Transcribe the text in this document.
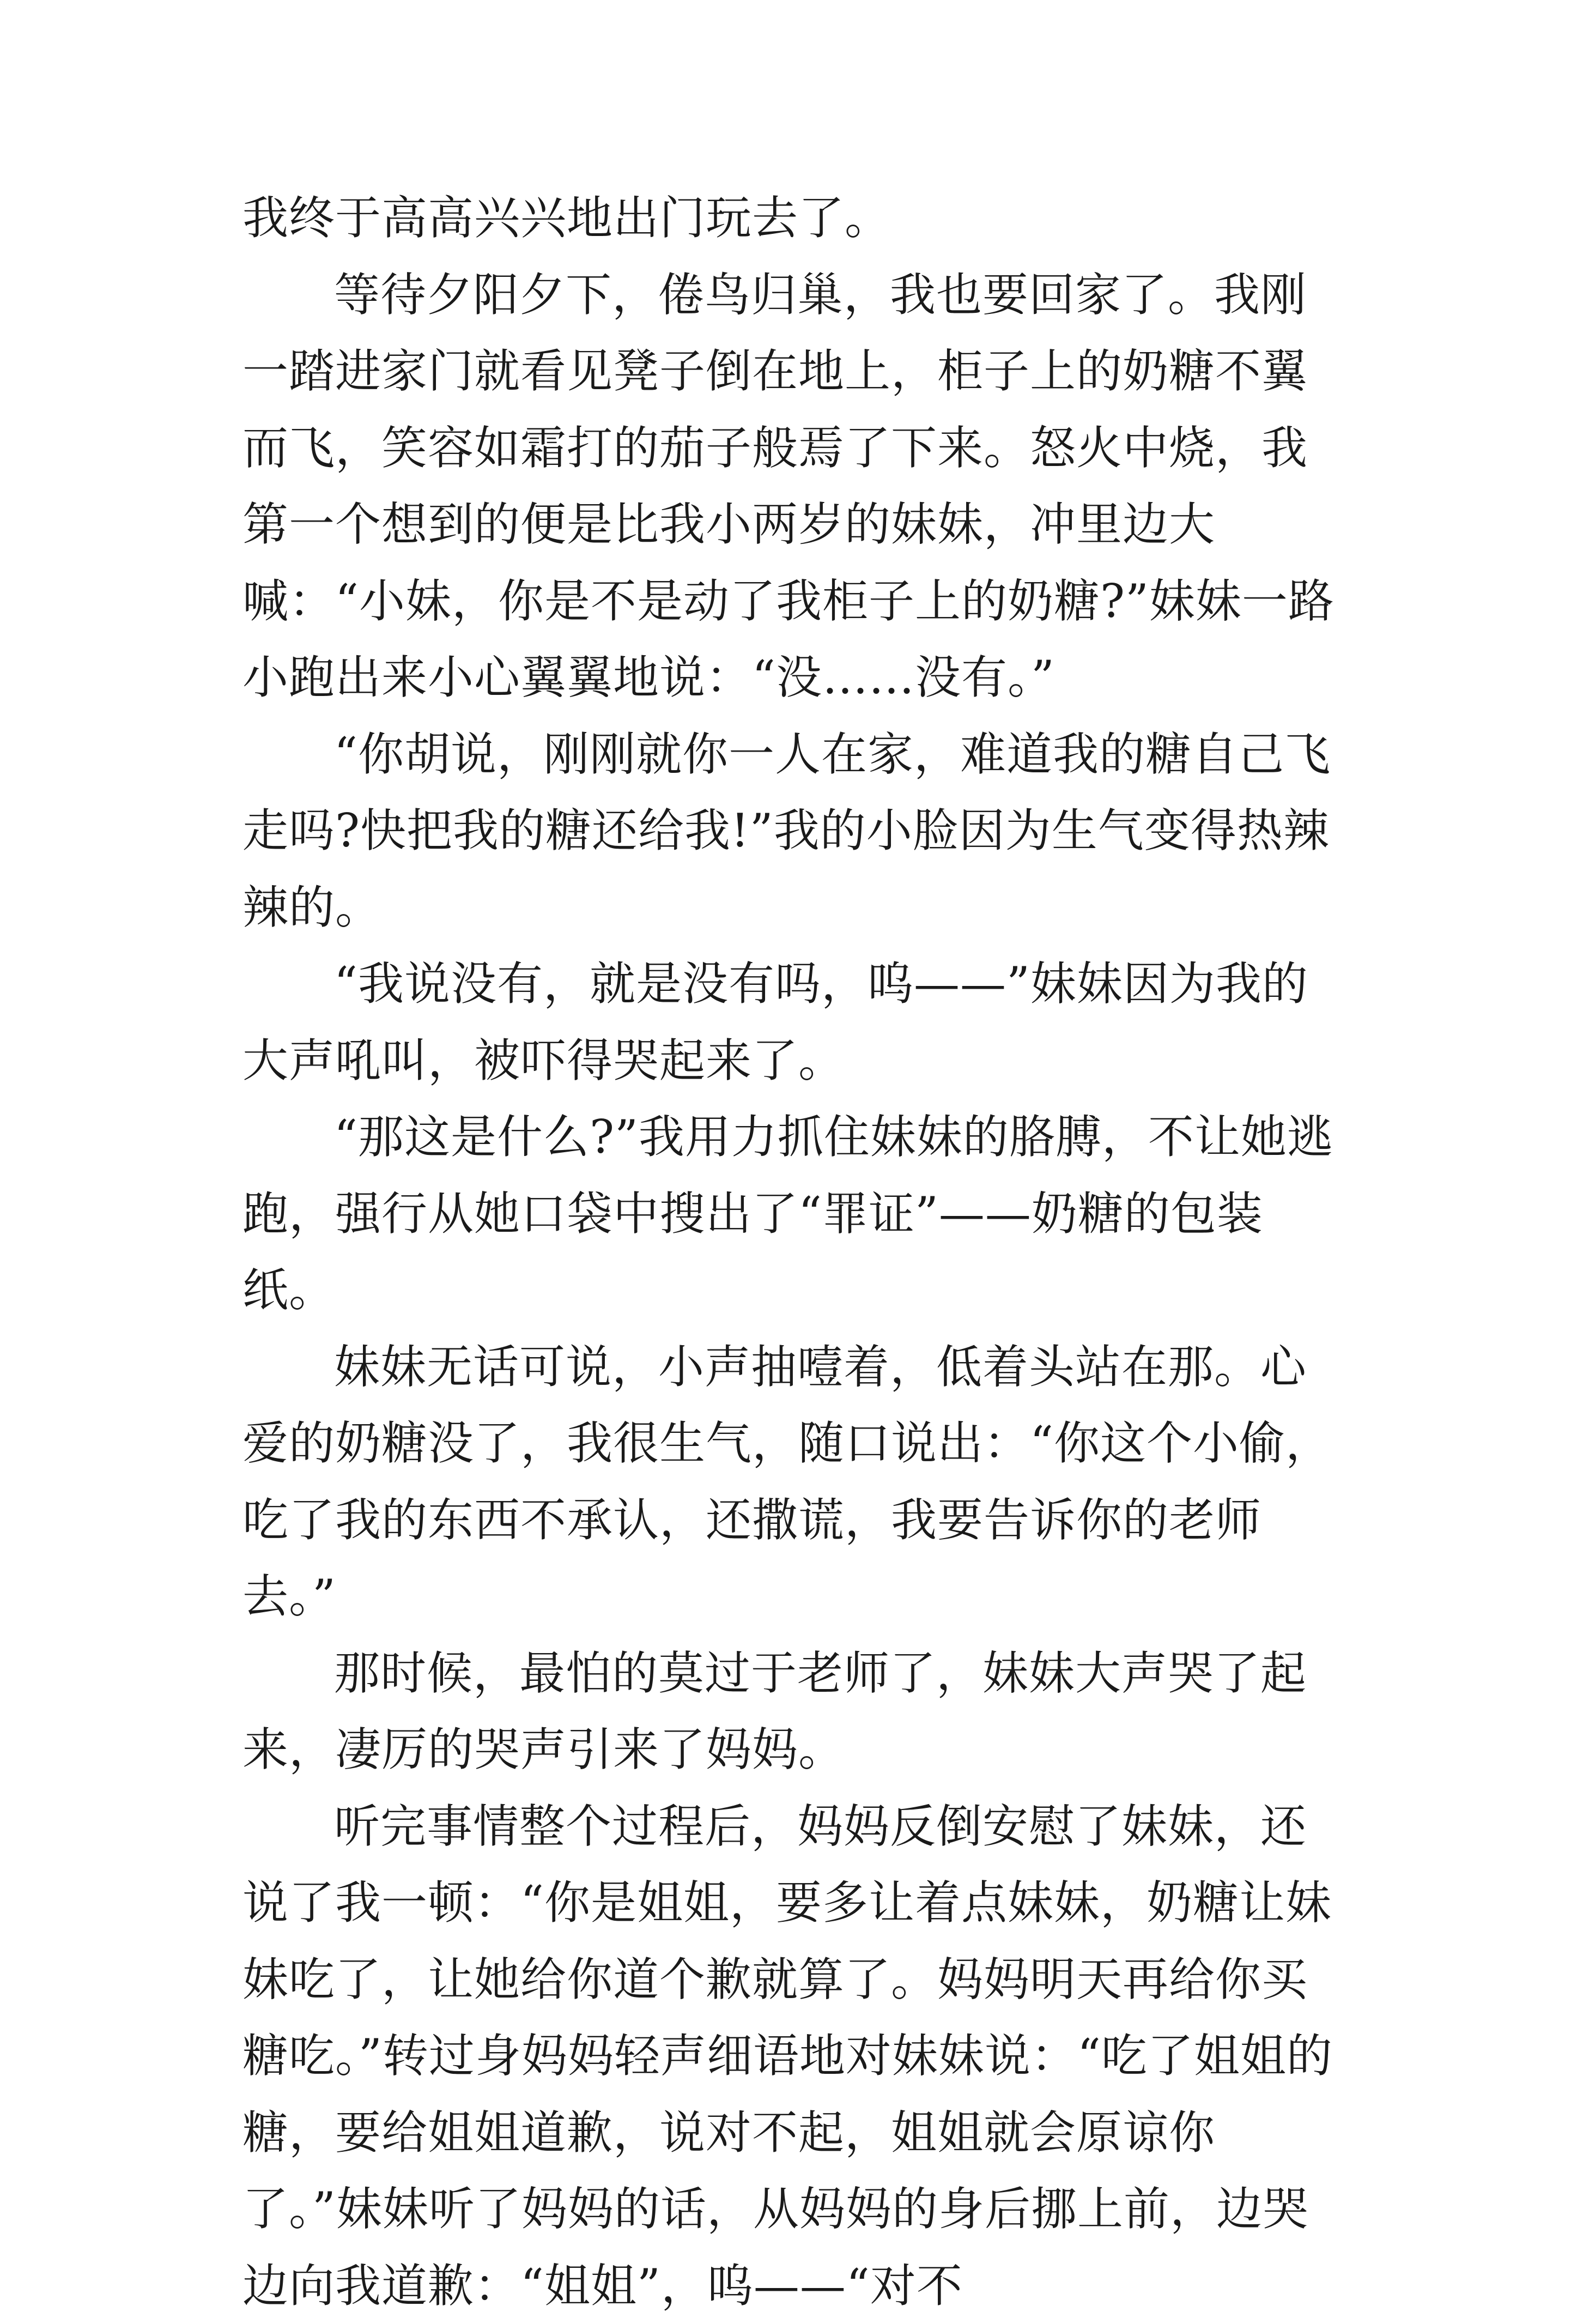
我终于高高兴兴地出门玩去了。

等待夕阳夕下，倦鸟归巢，我也要回家了。我刚一踏进家门就看见凳子倒在地上，柜子上的奶糖不翼而飞，笑容如霜打的茄子般焉了下来。怒火中烧，我第一个想到的便是比我小两岁的妹妹，冲里边大喊：“小妹，你是不是动了我柜子上的奶糖?”妹妹一路小跑出来小心翼翼地说：“没……没有。”

“你胡说，刚刚就你一人在家，难道我的糖自己飞走吗?快把我的糖还给我!”我的小脸因为生气变得热辣辣的。

“我说没有，就是没有吗，呜——”妹妹因为我的大声吼叫，被吓得哭起来了。

“那这是什么?”我用力抓住妹妹的胳膊，不让她逃跑，强行从她口袋中搜出了“罪证”——奶糖的包装纸。

妹妹无话可说，小声抽噎着，低着头站在那。心爱的奶糖没了，我很生气，随口说出：“你这个小偷，吃了我的东西不承认，还撒谎，我要告诉你的老师去。”

那时候，最怕的莫过于老师了，妹妹大声哭了起来，凄厉的哭声引来了妈妈。

听完事情整个过程后，妈妈反倒安慰了妹妹，还说了我一顿：“你是姐姐，要多让着点妹妹，奶糖让妹妹吃了，让她给你道个歉就算了。妈妈明天再给你买糖吃。”转过身妈妈轻声细语地对妹妹说：“吃了姐姐的糖，要给姐姐道歉，说对不起，姐姐就会原谅你了。”妹妹听了妈妈的话，从妈妈的身后挪上前，边哭边向我道歉：“姐姐”，呜——“对不
